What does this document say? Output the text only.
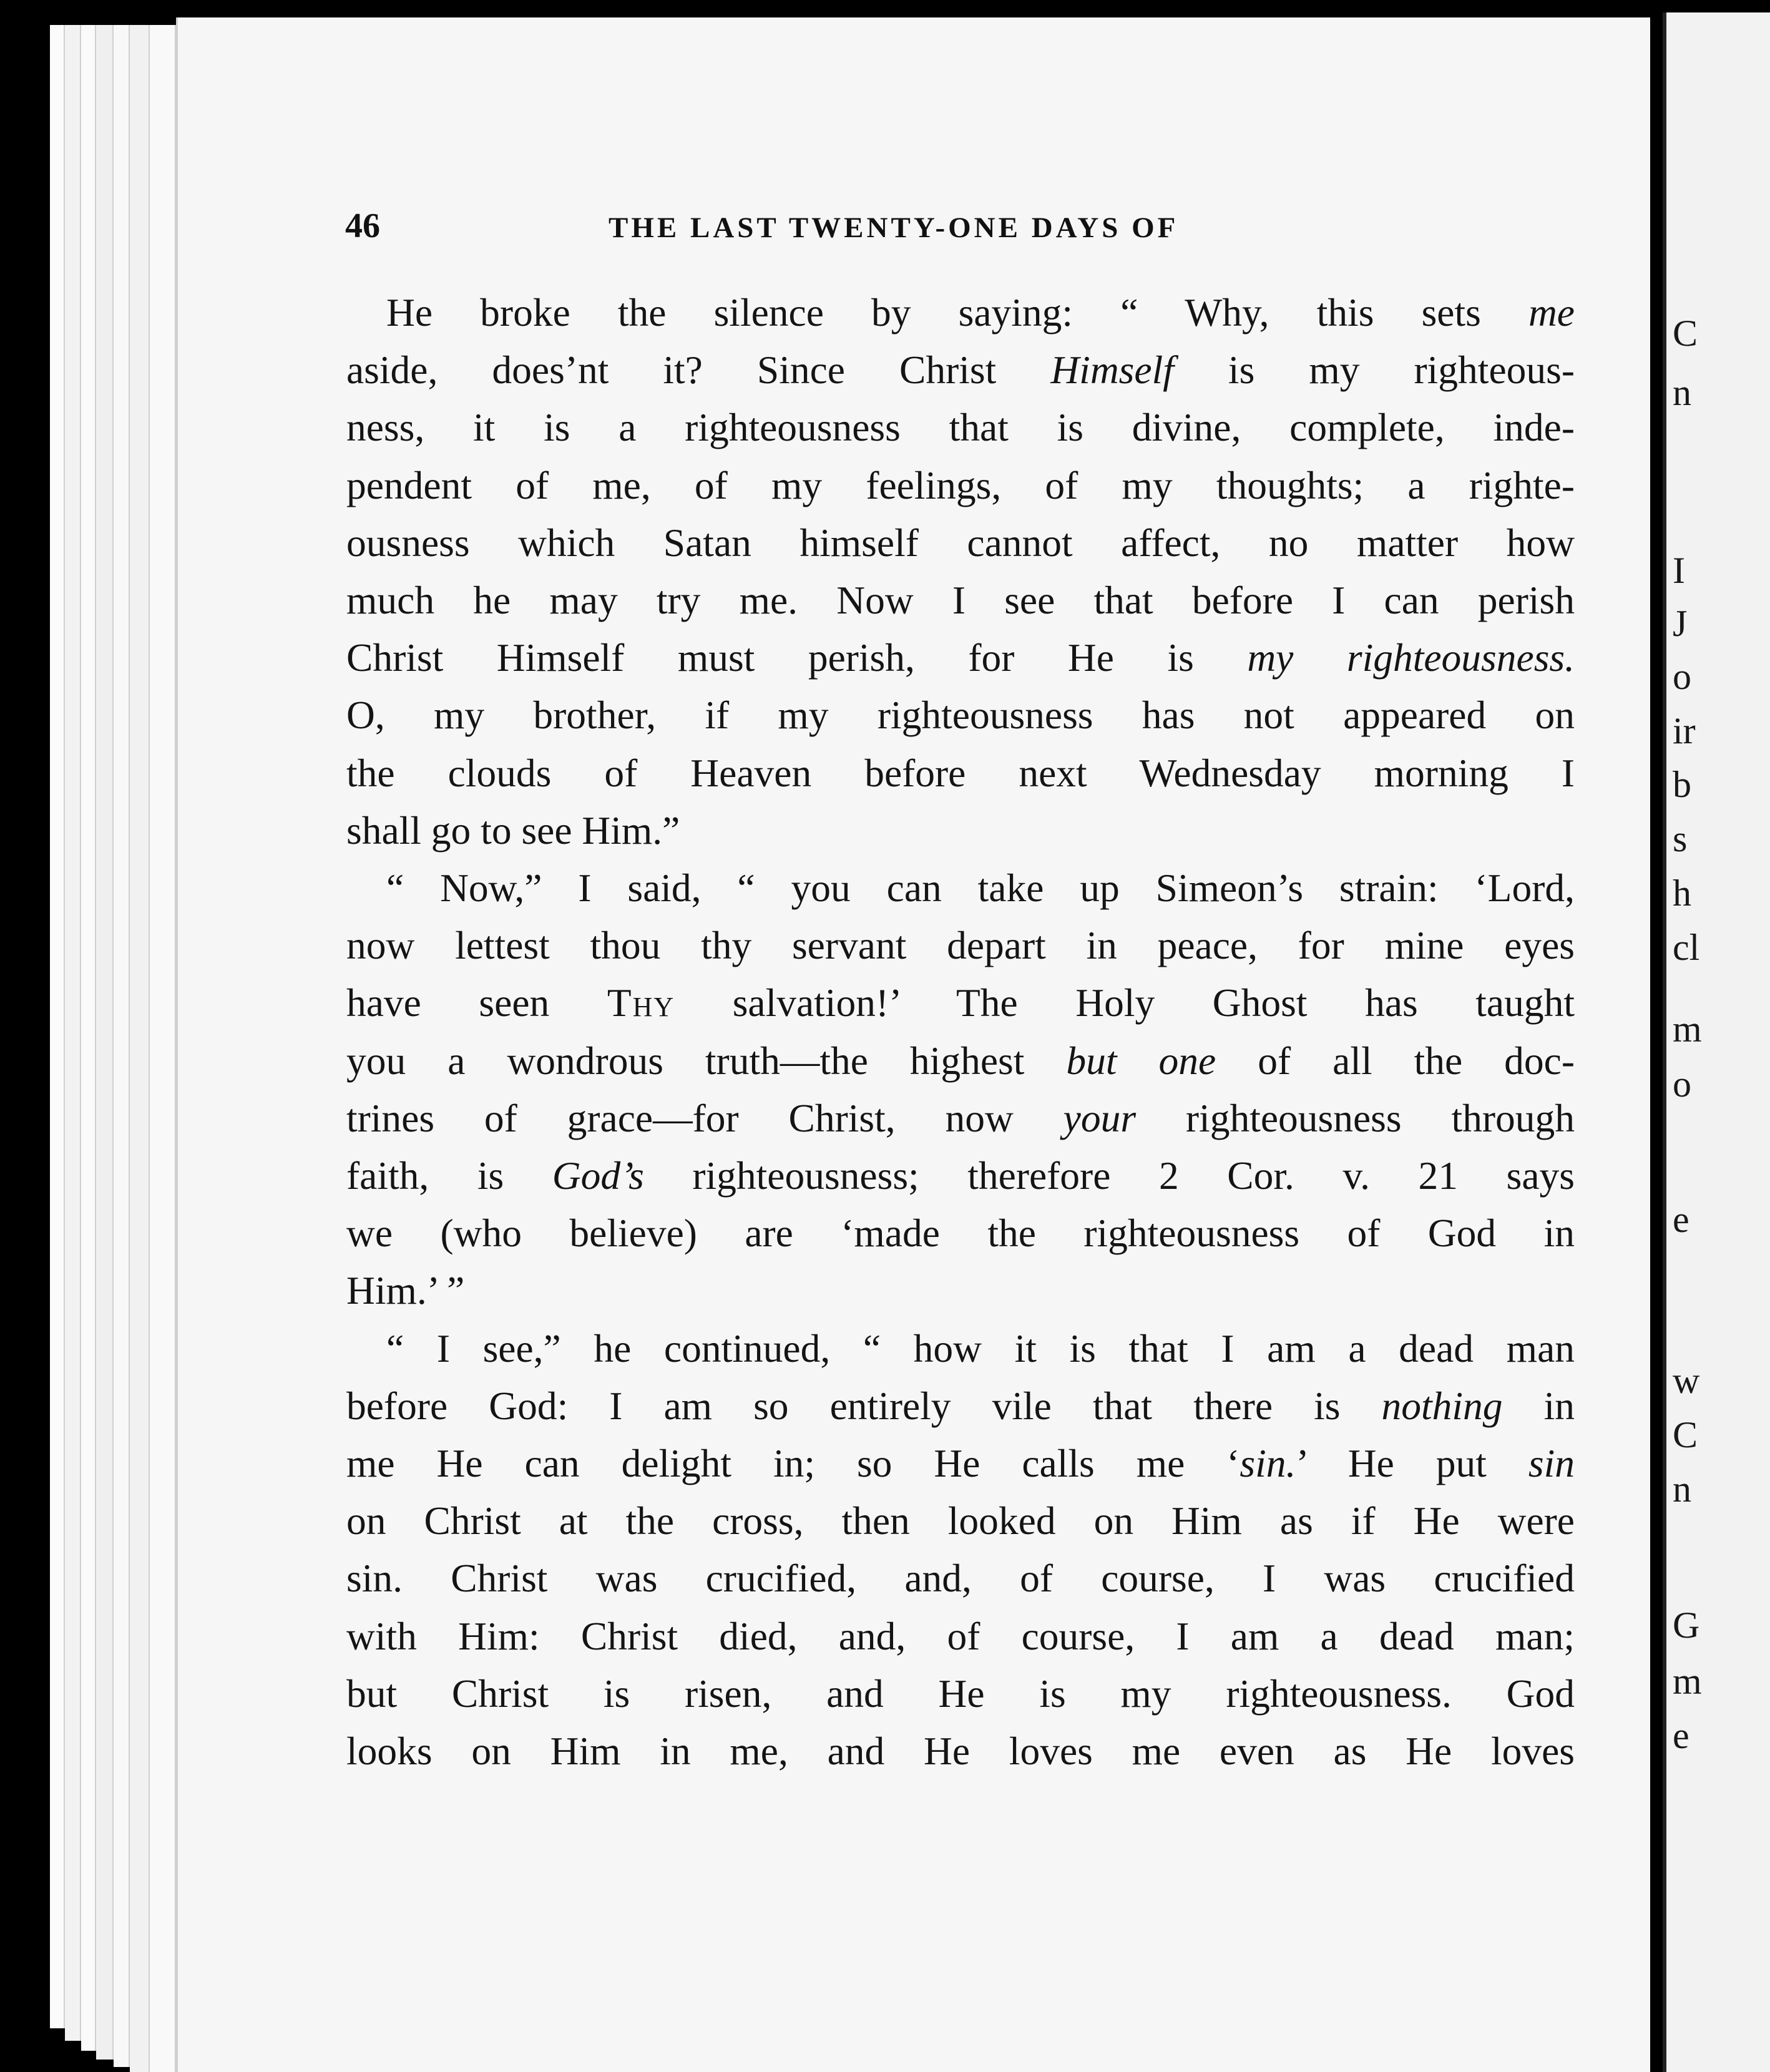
46	THE LAST TWENTY-ONE DAYS OF
He broke the silence by saying: “ Why, this sets me
aside, does’nt it? Since Christ Himself is my righteous-
ness, it is a righteousness that is divine, complete, inde-
pendent of me, of my feelings, of my thoughts; a righte-
ousness which Satan himself cannot affect, no matter how
much he may try me. Now I see that before I can perish
Christ Himself must perish, for He is my righteousness.
O, my brother, if my righteousness has not appeared on
the clouds of Heaven before next Wednesday morning I
shall go to see Him.”
“ Now,” I said, “ you can take up Simeon’s strain: ‘Lord,
now lettest thou thy servant depart in peace, for mine eyes
have seen Thy salvation!’ The Holy Ghost has taught
you a wondrous truth—the highest but one of all the doc-
trines of grace—for Christ, now your righteousness through
faith, is God’s righteousness; therefore 2 Cor. v. 21 says
we (who believe) are ‘made the righteousness of God in
Him.’ ”
“ I see,” he continued, “ how it is that I am a dead man
before God: I am so entirely vile that there is nothing in
me He can delight in; so He calls me ‘sin.’ He put sin
on Christ at the cross, then looked on Him as if He were
sin. Christ was crucified, and, of course, I was crucified
with Him: Christ died, and, of course, I am a dead man;
but Christ is risen, and He is my righteousness. God
looks on Him in me, and He loves me even as He loves
C
n
I
J
o
ir
b
s
h
cl
m
o
e
w
C
n
G
m
e
